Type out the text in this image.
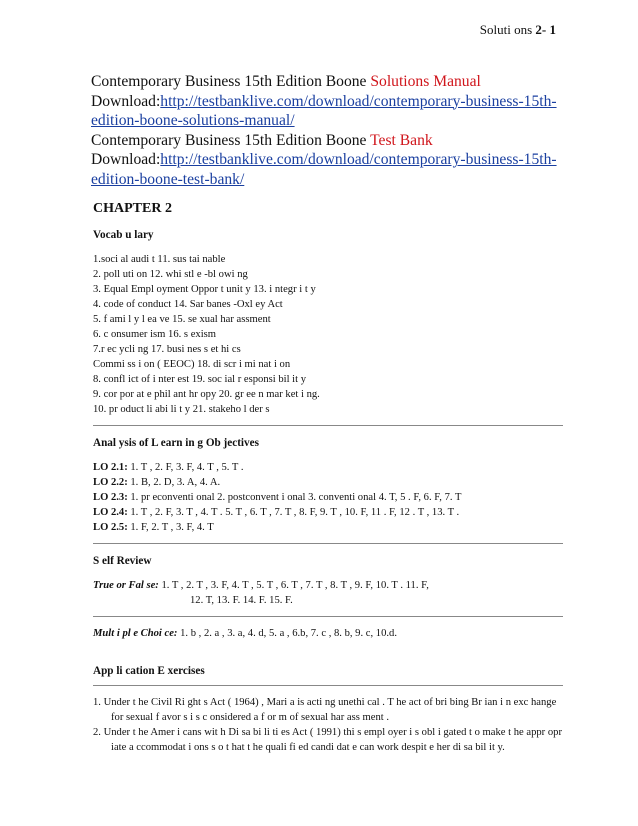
Soluti ons 2- 1
Contemporary Business 15th Edition Boone Solutions Manual
Download:http://testbanklive.com/download/contemporary-business-15th-edition-boone-solutions-manual/
Contemporary Business 15th Edition Boone Test Bank
Download:http://testbanklive.com/download/contemporary-business-15th-edition-boone-test-bank/
CHAPTER 2
Vocab u lary
1.soci al audi t 11. sus tai nable
2. poll uti on 12. whi stl e -bl owi ng
3. Equal Empl oyment Oppor t unit y 13. i ntegr i t y
4. code of conduct 14. Sar banes -Oxl ey Act
5. f ami l y l ea ve 15. se xual har assment
6. c onsumer ism 16. s exism
7.r ec ycli ng 17. busi nes s et hi cs
Commi ss i on ( EEOC) 18. di scr i mi nat i on
8. confl ict of i nter est 19. soc ial r esponsi bil it y
9. cor por at e phil ant hr opy 20. gr ee n mar ket i ng.
10. pr oduct li abi li t y 21. stakeho l der s
Anal ysis of L earn in g Ob jectives
LO 2.1: 1. T , 2. F, 3. F, 4. T , 5. T .
LO 2.2: 1. B, 2. D, 3. A, 4. A.
LO 2.3: 1. pr econventi onal 2. postconvent i onal 3. conventi onal 4. T, 5 . F, 6. F, 7. T
LO 2.4: 1. T , 2. F, 3. T , 4. T . 5. T , 6. T , 7. T , 8. F, 9. T , 10. F, 11 . F, 12 . T , 13. T .
LO 2.5: 1. F, 2. T , 3. F, 4. T
S elf Review
True or Fal se: 1. T , 2. T , 3. F, 4. T , 5. T , 6. T , 7. T , 8. T , 9. F, 10. T . 11. F,
12. T, 13. F. 14. F. 15. F.
Mult i pl e Choi ce: 1. b , 2. a , 3. a, 4. d, 5. a , 6.b, 7. c , 8. b, 9. c, 10.d.
App li cation E xercises
1. Under t he Civil Ri ght s Act ( 1964) , Mari a is acti ng unethi cal . T he act of bri bing Br ian i n exc hange for sexual f avor s i s c onsidered a f or m of sexual har ass ment .
2. Under t he Amer i cans wit h Di sa bi li ti es Act ( 1991) thi s empl oyer i s obl i gated t o make t he appr opr iate a ccommodat i ons s o t hat t he quali fi ed candi dat e can work despit e her di sa bil it y.
